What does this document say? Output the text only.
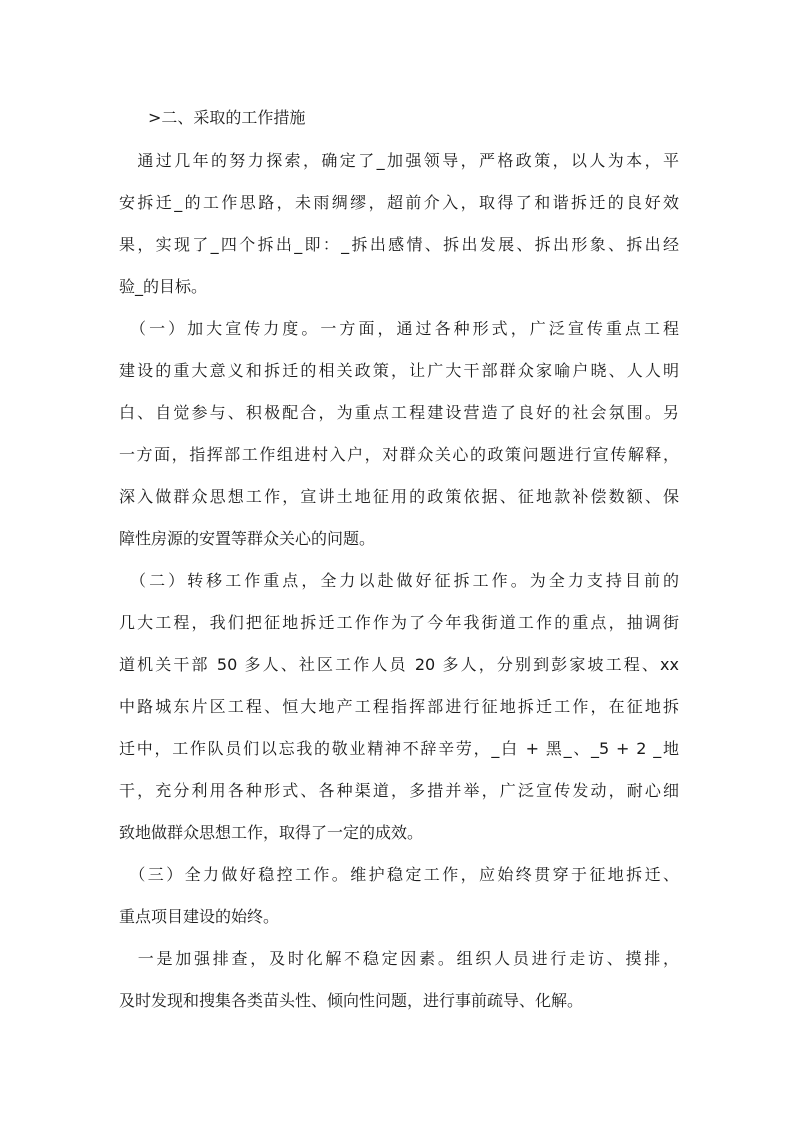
>二、采取的工作措施
　通过几年的努力探索，确定了_加强领导，严格政策，以人为本，平
安拆迁_的工作思路，未雨绸缪，超前介入，取得了和谐拆迁的良好效
果，实现了_四个拆出_即：_拆出感情、拆出发展、拆出形象、拆出经
验_的目标。
　（一）加大宣传力度。一方面，通过各种形式，广泛宣传重点工程
建设的重大意义和拆迁的相关政策，让广大干部群众家喻户晓、人人明
白、自觉参与、积极配合，为重点工程建设营造了良好的社会氛围。另
一方面，指挥部工作组进村入户，对群众关心的政策问题进行宣传解释，
深入做群众思想工作，宣讲土地征用的政策依据、征地款补偿数额、保
障性房源的安置等群众关心的问题。
　（二）转移工作重点，全力以赴做好征拆工作。为全力支持目前的
几大工程，我们把征地拆迁工作作为了今年我街道工作的重点，抽调街
道机关干部 50 多人、社区工作人员 20 多人，分别到彭家坡工程、xx
中路城东片区工程、恒大地产工程指挥部进行征地拆迁工作，在征地拆
迁中，工作队员们以忘我的敬业精神不辞辛劳，_白 + 黑_、_5 + 2 _地
干，充分利用各种形式、各种渠道，多措并举，广泛宣传发动，耐心细
致地做群众思想工作，取得了一定的成效。
　（三）全力做好稳控工作。维护稳定工作，应始终贯穿于征地拆迁、
重点项目建设的始终。
　一是加强排查，及时化解不稳定因素。组织人员进行走访、摸排，
及时发现和搜集各类苗头性、倾向性问题，进行事前疏导、化解。
